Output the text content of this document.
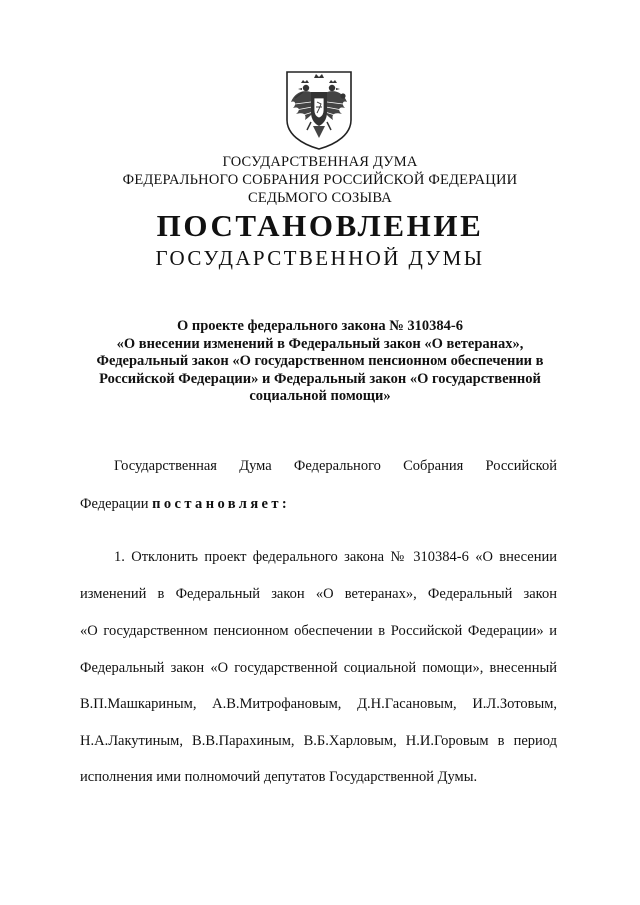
ГОСУДАРСТВЕННАЯ ДУМА
ФЕДЕРАЛЬНОГО СОБРАНИЯ РОССИЙСКОЙ ФЕДЕРАЦИИ
СЕДЬМОГО СОЗЫВА
ПОСТАНОВЛЕНИЕ
ГОСУДАРСТВЕННОЙ ДУМЫ
О проекте федерального закона № 310384-6
«О внесении изменений в Федеральный закон «О ветеранах»,
Федеральный закон «О государственном пенсионном обеспечении в
Российской Федерации» и Федеральный закон «О государственной
социальной помощи»
Государственная Дума Федерального Собрания Российской
Федерации постановляет:
1. Отклонить проект федерального закона № 310384-6 «О внесении
изменений в Федеральный закон «О ветеранах», Федеральный закон
«О государственном пенсионном обеспечении в Российской Федерации» и
Федеральный закон «О государственной социальной помощи», внесенный
В.П.Машкариным, А.В.Митрофановым, Д.Н.Гасановым, И.Л.Зотовым,
Н.А.Лакутиным, В.В.Парахиным, В.Б.Харловым, Н.И.Горовым в период
исполнения ими полномочий депутатов Государственной Думы.
